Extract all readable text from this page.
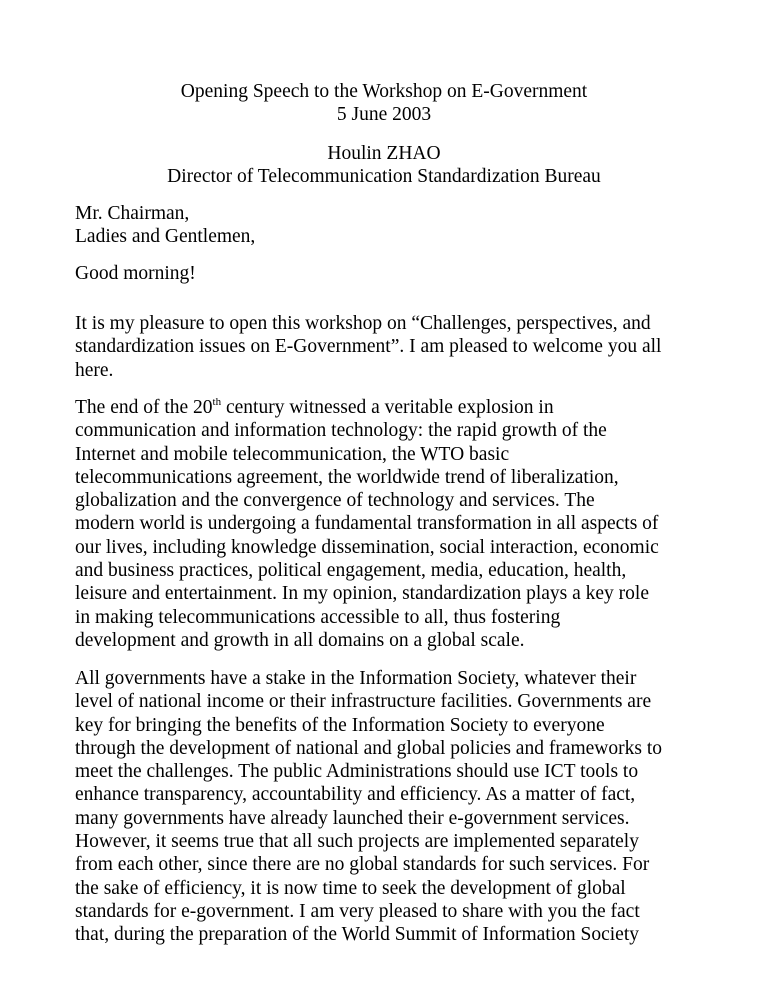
Opening Speech to the Workshop on E-Government

5 June 2003

Houlin ZHAO

Director of Telecommunication Standardization Bureau

Mr. Chairman,

Ladies and Gentlemen,

Good morning!

It is my pleasure to open this workshop on “Challenges, perspectives, and

standardization issues on E-Government”. I am pleased to welcome you all

here.

The end of the 20th century witnessed a veritable explosion in

communication and information technology: the rapid growth of the

Internet and mobile telecommunication, the WTO basic

telecommunications agreement, the worldwide trend of liberalization,

globalization and the convergence of technology and services. The

modern world is undergoing a fundamental transformation in all aspects of

our lives, including knowledge dissemination, social interaction, economic

and business practices, political engagement, media, education, health,

leisure and entertainment. In my opinion, standardization plays a key role

in making telecommunications accessible to all, thus fostering

development and growth in all domains on a global scale.

All governments have a stake in the Information Society, whatever their

level of national income or their infrastructure facilities. Governments are

key for bringing the benefits of the Information Society to everyone

through the development of national and global policies and frameworks to

meet the challenges. The public Administrations should use ICT tools to

enhance transparency, accountability and efficiency. As a matter of fact,

many governments have already launched their e-government services.

However, it seems true that all such projects are implemented separately

from each other, since there are no global standards for such services. For

the sake of efficiency, it is now time to seek the development of global

standards for e-government. I am very pleased to share with you the fact

that, during the preparation of the World Summit of Information Society
